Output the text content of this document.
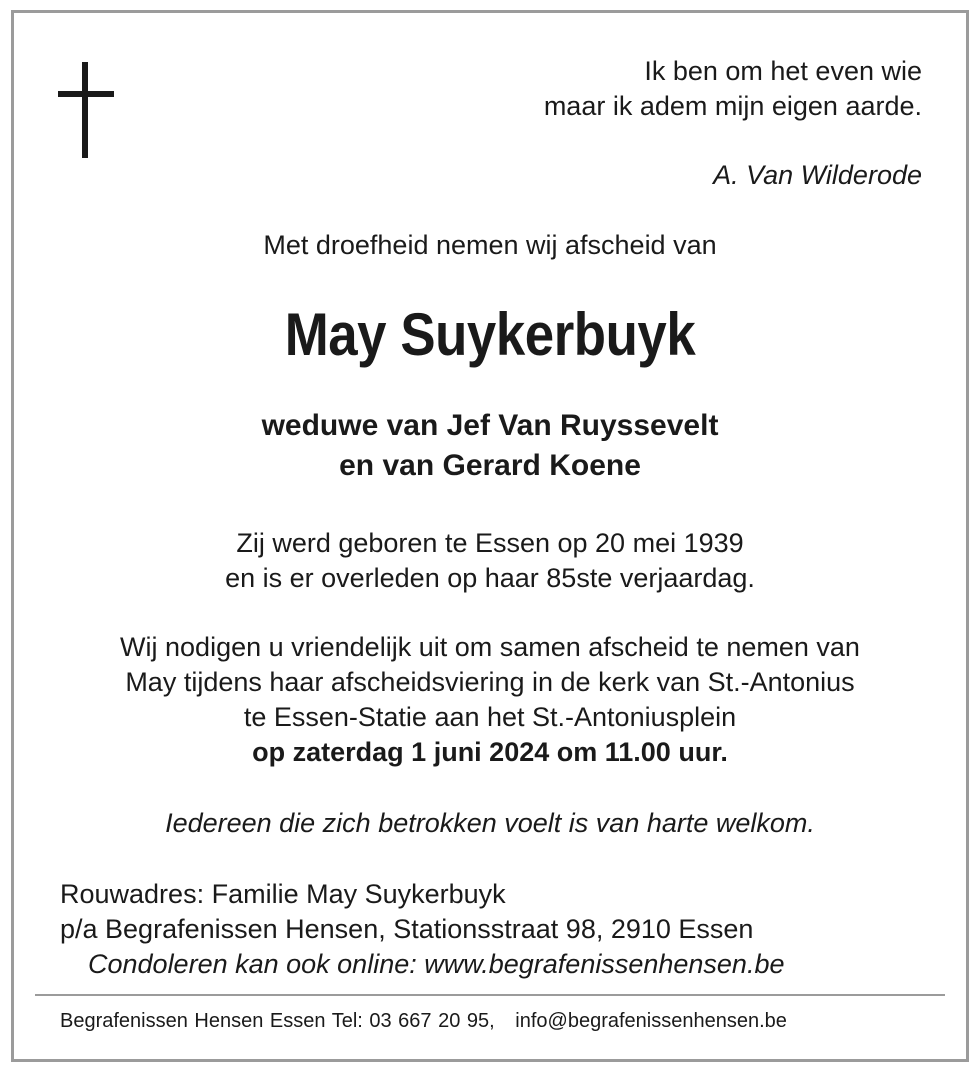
Ik ben om het even wie
maar ik adem mijn eigen aarde.
A. Van Wilderode
Met droefheid nemen wij afscheid van
May Suykerbuyk
weduwe van Jef Van Ruyssevelt
en van Gerard Koene
Zij werd geboren te Essen op 20 mei 1939
en is er overleden op haar 85ste verjaardag.
Wij nodigen u vriendelijk uit om samen afscheid te nemen van
May tijdens haar afscheidsviering in de kerk van St.-Antonius
te Essen-Statie aan het St.-Antoniusplein
op zaterdag 1 juni 2024 om 11.00 uur.
Iedereen die zich betrokken voelt is van harte welkom.
Rouwadres: Familie May Suykerbuyk
p/a Begrafenissen Hensen, Stationsstraat 98, 2910 Essen
Condoleren kan ook online: www.begrafenissenhensen.be
Begrafenissen Hensen Essen Tel: 03 667 20 95, info@begrafenissenhensen.be
